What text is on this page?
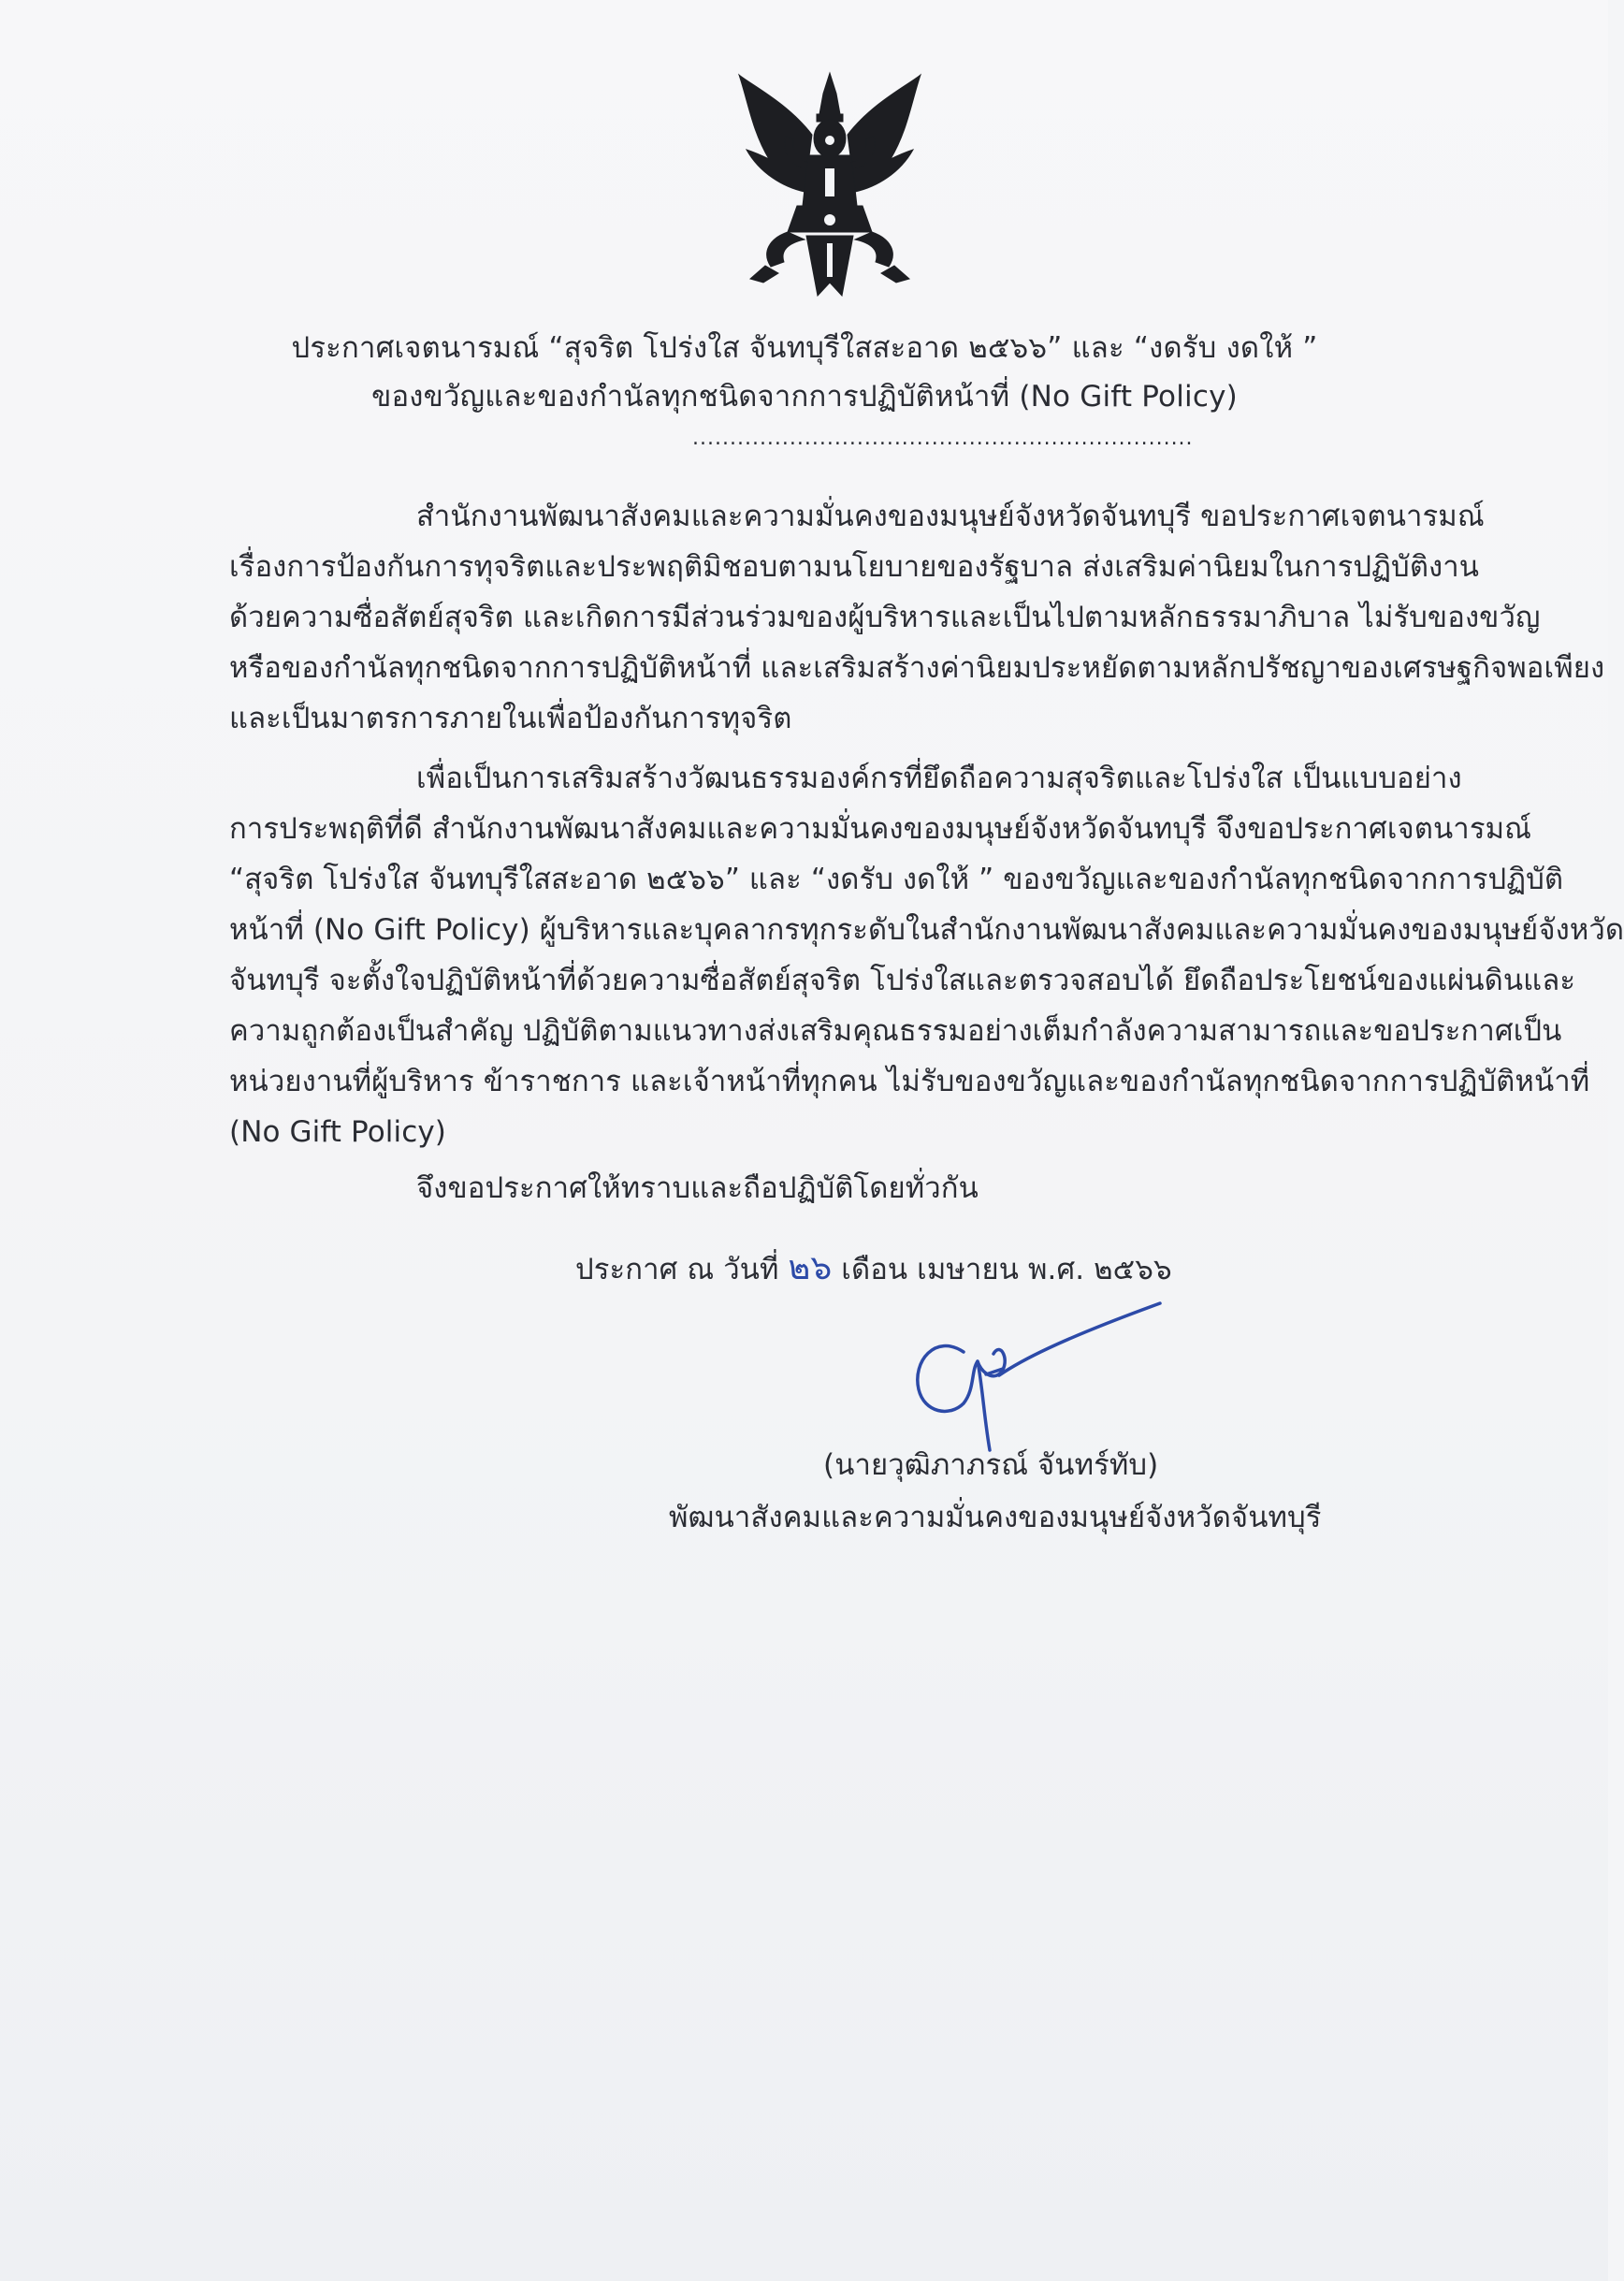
ประกาศเจตนารมณ์ “สุจริต โปร่งใส จันทบุรีใสสะอาด ๒๕๖๖” และ “งดรับ งดให้ ”
ของขวัญและของกำนัลทุกชนิดจากการปฏิบัติหน้าที่ (No Gift Policy)
...................................................................
สำนักงานพัฒนาสังคมและความมั่นคงของมนุษย์จังหวัดจันทบุรี ขอประกาศเจตนารมณ์
เรื่องการป้องกันการทุจริตและประพฤติมิชอบตามนโยบายของรัฐบาล ส่งเสริมค่านิยมในการปฏิบัติงาน
ด้วยความซื่อสัตย์สุจริต และเกิดการมีส่วนร่วมของผู้บริหารและเป็นไปตามหลักธรรมาภิบาล ไม่รับของขวัญ
หรือของกำนัลทุกชนิดจากการปฏิบัติหน้าที่ และเสริมสร้างค่านิยมประหยัดตามหลักปรัชญาของเศรษฐกิจพอเพียง
และเป็นมาตรการภายในเพื่อป้องกันการทุจริต
เพื่อเป็นการเสริมสร้างวัฒนธรรมองค์กรที่ยึดถือความสุจริตและโปร่งใส เป็นแบบอย่าง
การประพฤติที่ดี สำนักงานพัฒนาสังคมและความมั่นคงของมนุษย์จังหวัดจันทบุรี จึงขอประกาศเจตนารมณ์
“สุจริต โปร่งใส จันทบุรีใสสะอาด ๒๕๖๖” และ “งดรับ งดให้ ” ของขวัญและของกำนัลทุกชนิดจากการปฏิบัติ
หน้าที่ (No Gift Policy) ผู้บริหารและบุคลากรทุกระดับในสำนักงานพัฒนาสังคมและความมั่นคงของมนุษย์จังหวัด
จันทบุรี จะตั้งใจปฏิบัติหน้าที่ด้วยความซื่อสัตย์สุจริต โปร่งใสและตรวจสอบได้ ยึดถือประโยชน์ของแผ่นดินและ
ความถูกต้องเป็นสำคัญ ปฏิบัติตามแนวทางส่งเสริมคุณธรรมอย่างเต็มกำลังความสามารถและขอประกาศเป็น
หน่วยงานที่ผู้บริหาร ข้าราชการ และเจ้าหน้าที่ทุกคน ไม่รับของขวัญและของกำนัลทุกชนิดจากการปฏิบัติหน้าที่
(No Gift Policy)
จึงขอประกาศให้ทราบและถือปฏิบัติโดยทั่วกัน
ประกาศ ณ วันที่ ๒๖ เดือน เมษายน พ.ศ. ๒๕๖๖
(นายวุฒิภาภรณ์ จันทร์ทับ)
พัฒนาสังคมและความมั่นคงของมนุษย์จังหวัดจันทบุรี
